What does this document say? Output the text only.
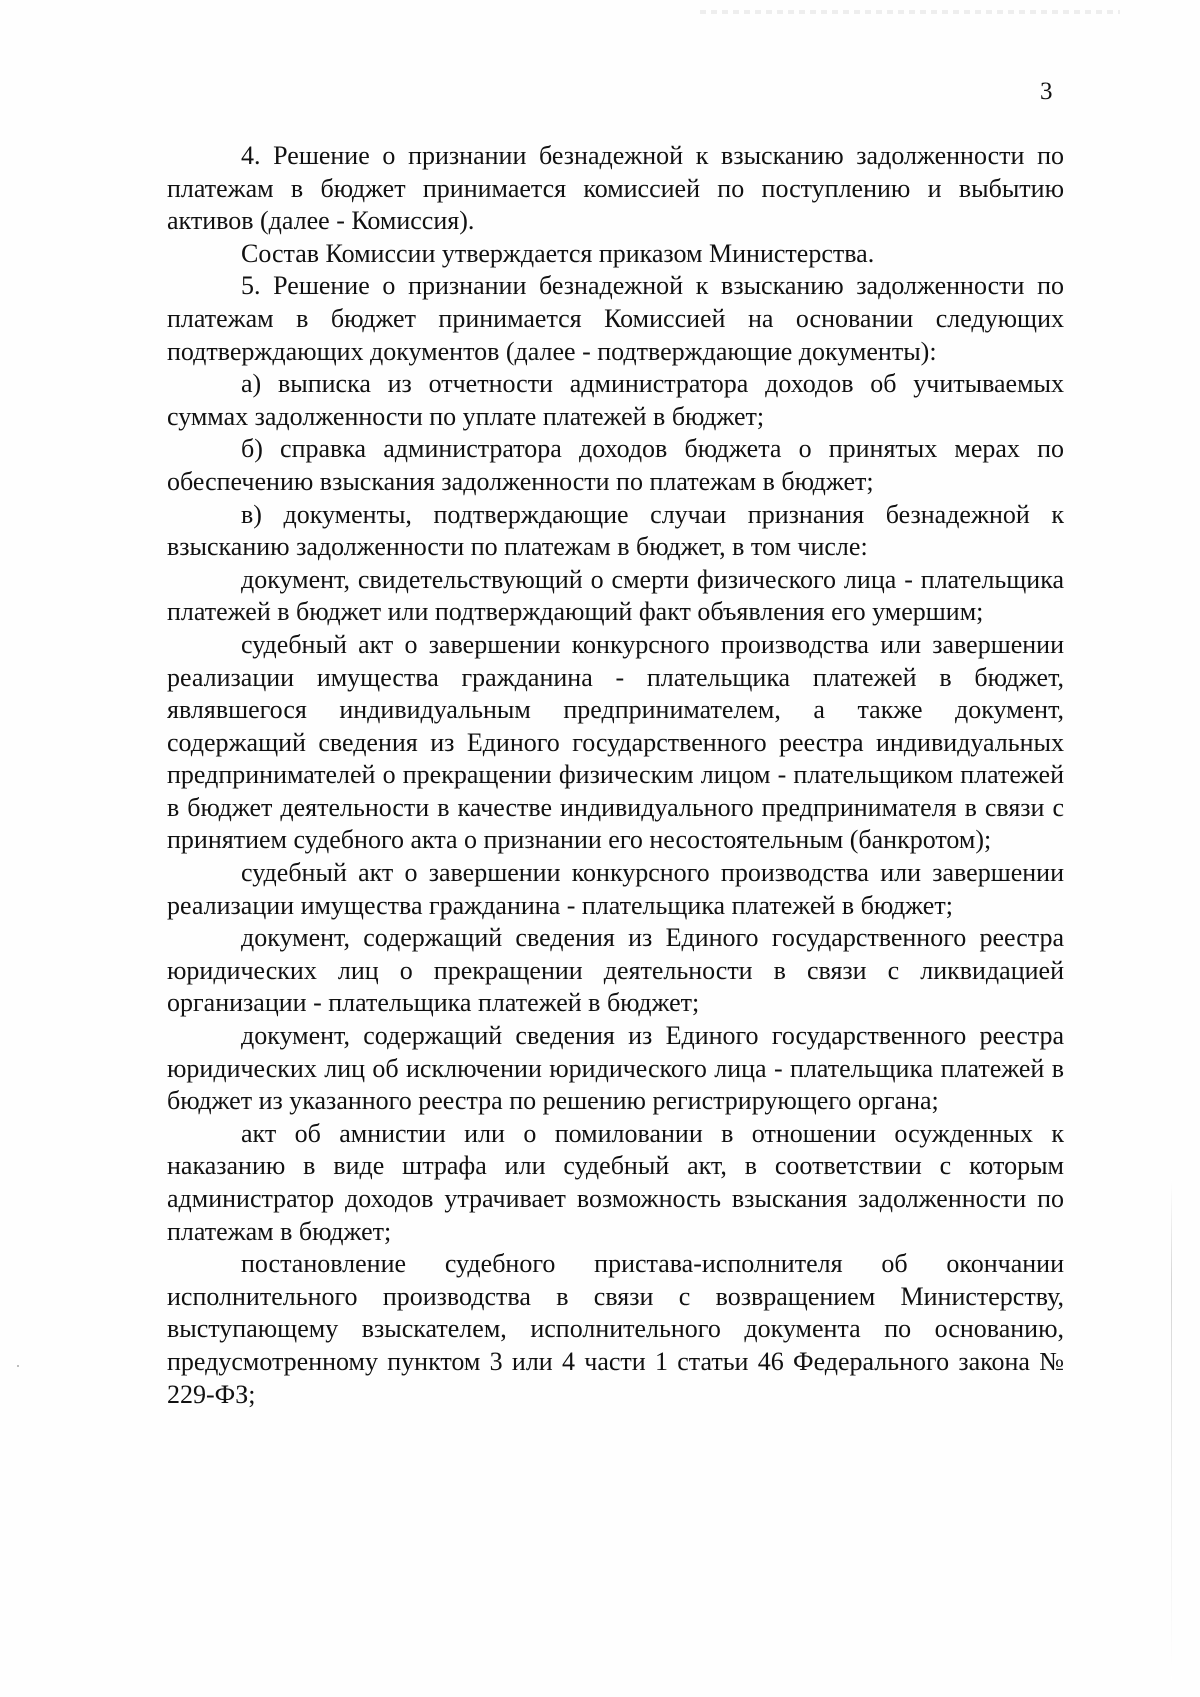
3

4. Решение о признании безнадежной к взысканию задолженности по платежам в бюджет принимается комиссией по поступлению и выбытию активов (далее - Комиссия).

Состав Комиссии утверждается приказом Министерства.

5. Решение о признании безнадежной к взысканию задолженности по платежам в бюджет принимается Комиссией на основании следующих подтверждающих документов (далее - подтверждающие документы):

а) выписка из отчетности администратора доходов об учитываемых суммах задолженности по уплате платежей в бюджет;

б) справка администратора доходов бюджета о принятых мерах по обеспечению взыскания задолженности по платежам в бюджет;

в) документы, подтверждающие случаи признания безнадежной к взысканию задолженности по платежам в бюджет, в том числе:

документ, свидетельствующий о смерти физического лица - плательщика платежей в бюджет или подтверждающий факт объявления его умершим;

судебный акт о завершении конкурсного производства или завершении реализации имущества гражданина - плательщика платежей в бюджет, являвшегося индивидуальным предпринимателем, а также документ, содержащий сведения из Единого государственного реестра индивидуальных предпринимателей о прекращении физическим лицом - плательщиком платежей в бюджет деятельности в качестве индивидуального предпринимателя в связи с принятием судебного акта о признании его несостоятельным (банкротом);

судебный акт о завершении конкурсного производства или завершении реализации имущества гражданина - плательщика платежей в бюджет;

документ, содержащий сведения из Единого государственного реестра юридических лиц о прекращении деятельности в связи с ликвидацией организации - плательщика платежей в бюджет;

документ, содержащий сведения из Единого государственного реестра юридических лиц об исключении юридического лица - плательщика платежей в бюджет из указанного реестра по решению регистрирующего органа;

акт об амнистии или о помиловании в отношении осужденных к наказанию в виде штрафа или судебный акт, в соответствии с которым администратор доходов утрачивает возможность взыскания задолженности по платежам в бюджет;

постановление судебного пристава-исполнителя об окончании исполнительного производства в связи с возвращением Министерству, выступающему взыскателем, исполнительного документа по основанию, предусмотренному пунктом 3 или 4 части 1 статьи 46 Федерального закона № 229-ФЗ;
